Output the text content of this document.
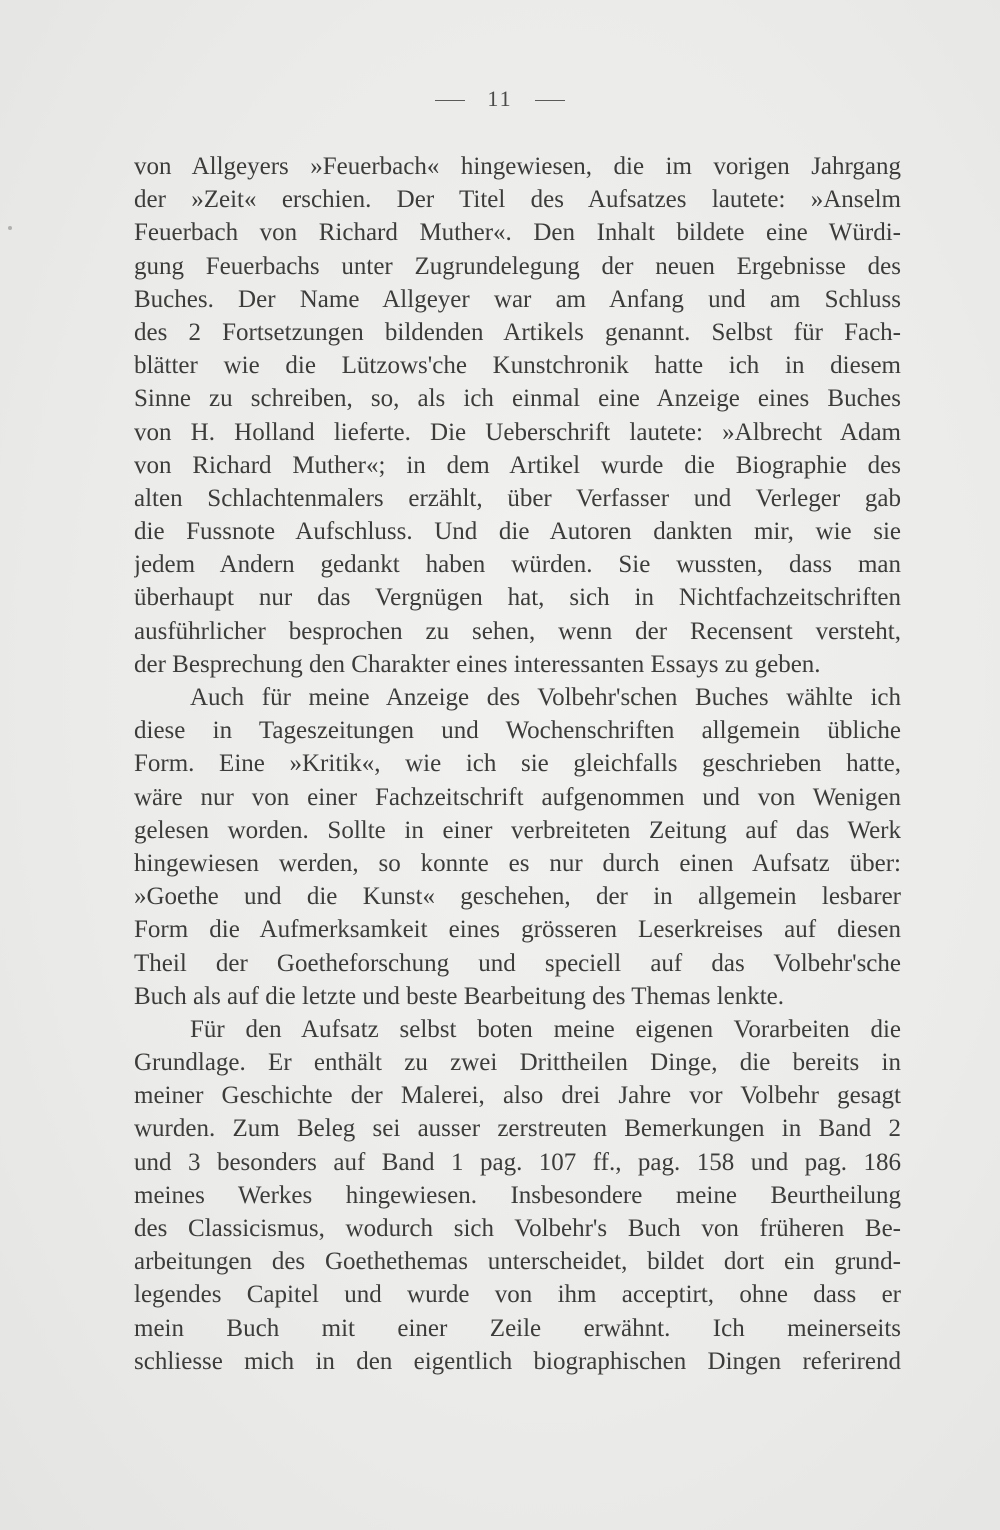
11
von Allgeyers »Feuerbach« hingewiesen, die im vorigen Jahrgang
der »Zeit« erschien. Der Titel des Aufsatzes lautete: »Anselm
Feuerbach von Richard Muther«. Den Inhalt bildete eine Würdi-
gung Feuerbachs unter Zugrundelegung der neuen Ergebnisse des
Buches. Der Name Allgeyer war am Anfang und am Schluss
des 2 Fortsetzungen bildenden Artikels genannt. Selbst für Fach-
blätter wie die Lützows'che Kunstchronik hatte ich in diesem
Sinne zu schreiben, so, als ich einmal eine Anzeige eines Buches
von H. Holland lieferte. Die Ueberschrift lautete: »Albrecht Adam
von Richard Muther«; in dem Artikel wurde die Biographie des
alten Schlachtenmalers erzählt, über Verfasser und Verleger gab
die Fussnote Aufschluss. Und die Autoren dankten mir, wie sie
jedem Andern gedankt haben würden. Sie wussten, dass man
überhaupt nur das Vergnügen hat, sich in Nichtfachzeitschriften
ausführlicher besprochen zu sehen, wenn der Recensent versteht,
der Besprechung den Charakter eines interessanten Essays zu geben.
Auch für meine Anzeige des Volbehr'schen Buches wählte ich
diese in Tageszeitungen und Wochenschriften allgemein übliche
Form. Eine »Kritik«, wie ich sie gleichfalls geschrieben hatte,
wäre nur von einer Fachzeitschrift aufgenommen und von Wenigen
gelesen worden. Sollte in einer verbreiteten Zeitung auf das Werk
hingewiesen werden, so konnte es nur durch einen Aufsatz über:
»Goethe und die Kunst« geschehen, der in allgemein lesbarer
Form die Aufmerksamkeit eines grösseren Leserkreises auf diesen
Theil der Goetheforschung und speciell auf das Volbehr'sche
Buch als auf die letzte und beste Bearbeitung des Themas lenkte.
Für den Aufsatz selbst boten meine eigenen Vorarbeiten die
Grundlage. Er enthält zu zwei Drittheilen Dinge, die bereits in
meiner Geschichte der Malerei, also drei Jahre vor Volbehr gesagt
wurden. Zum Beleg sei ausser zerstreuten Bemerkungen in Band 2
und 3 besonders auf Band 1 pag. 107 ff., pag. 158 und pag. 186
meines Werkes hingewiesen. Insbesondere meine Beurtheilung
des Classicismus, wodurch sich Volbehr's Buch von früheren Be-
arbeitungen des Goethethemas unterscheidet, bildet dort ein grund-
legendes Capitel und wurde von ihm acceptirt, ohne dass er
mein Buch mit einer Zeile erwähnt. Ich meinerseits
schliesse mich in den eigentlich biographischen Dingen referirend
